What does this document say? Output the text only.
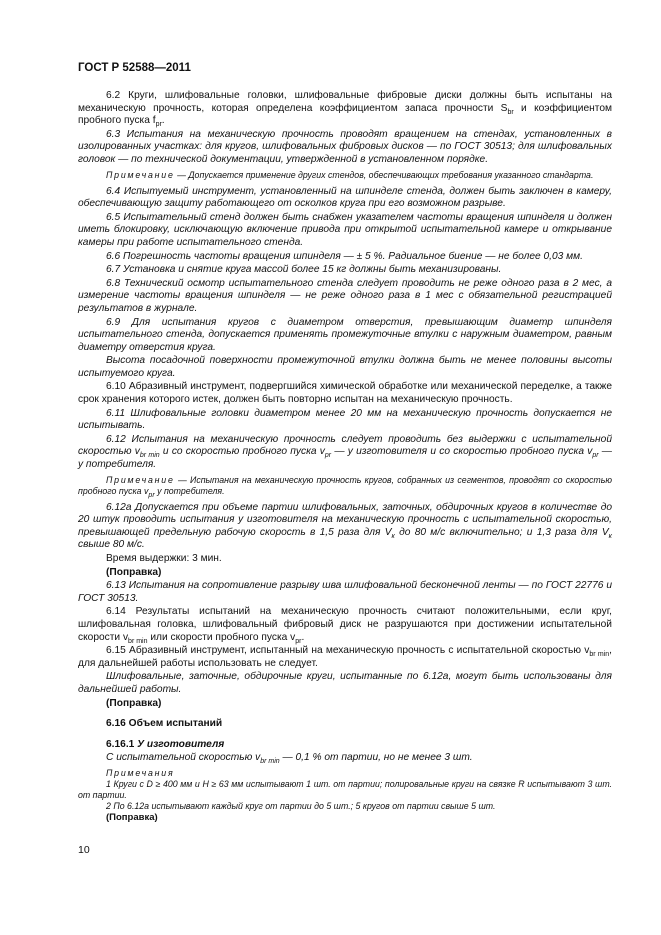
ГОСТ Р 52588—2011

6.2 Круги, шлифовальные головки, шлифовальные фибровые диски должны быть испытаны на механическую прочность, которая определена коэффициентом запаса прочности $S_{br}$ и коэффициентом пробного пуска $f_{pr}$.

6.3 Испытания на механическую прочность проводят вращением на стендах, установленных в изолированных участках: для кругов, шлифовальных фибровых дисков — по ГОСТ 30513; для шлифовальных головок — по технической документации, утвержденной в установленном порядке.

Примечание — Допускается применение других стендов, обеспечивающих требования указанного стандарта.

6.4 Испытуемый инструмент, установленный на шпинделе стенда, должен быть заключен в камеру, обеспечивающую защиту работающего от осколков круга при его возможном разрыве.

6.5 Испытательный стенд должен быть снабжен указателем частоты вращения шпинделя и должен иметь блокировку, исключающую включение привода при открытой испытательной камере и открывание камеры при работе испытательного стенда.

6.6 Погрешность частоты вращения шпинделя — ± 5 %. Радиальное биение — не более 0,03 мм.

6.7 Установка и снятие круга массой более 15 кг должны быть механизированы.

6.8 Технический осмотр испытательного стенда следует проводить не реже одного раза в 2 мес, а измерение частоты вращения шпинделя — не реже одного раза в 1 мес с обязательной регистрацией результатов в журнале.

6.9 Для испытания кругов с диаметром отверстия, превышающим диаметр шпинделя испытательного стенда, допускается применять промежуточные втулки с наружным диаметром, равным диаметру отверстия круга.

Высота посадочной поверхности промежуточной втулки должна быть не менее половины высоты испытуемого круга.

6.10 Абразивный инструмент, подвергшийся химической обработке или механической переделке, а также срок хранения которого истек, должен быть повторно испытан на механическую прочность.

6.11 Шлифовальные головки диаметром менее 20 мм на механическую прочность допускается не испытывать.

6.12 Испытания на механическую прочность следует проводить без выдержки с испытательной скоростью $v_{br min}$ и со скоростью пробного пуска $v_{pr}$ — у изготовителя и со скоростью пробного пуска $v_{pr}$ — у потребителя.

Примечание — Испытания на механическую прочность кругов, собранных из сегментов, проводят со скоростью пробного пуска $v_{pr}$ у потребителя.

6.12а Допускается при объеме партии шлифовальных, заточных, обдирочных кругов в количестве до 20 штук проводить испытания у изготовителя на механическую прочность с испытательной скоростью, превышающей предельную рабочую скорость в 1,5 раза для $V_к$ до 80 м/с включительно; и 1,3 раза для $V_к$ свыше 80 м/с.

Время выдержки: 3 мин.

(Поправка)

6.13 Испытания на сопротивление разрыву шва шлифовальной бесконечной ленты — по ГОСТ 22776 и ГОСТ 30513.

6.14 Результаты испытаний на механическую прочность считают положительными, если круг, шлифовальная головка, шлифовальный фибровый диск не разрушаются при достижении испытательной скорости $v_{br min}$ или скорости пробного пуска $v_{pr}$.

6.15 Абразивный инструмент, испытанный на механическую прочность с испытательной скоростью $v_{br min}$, для дальнейшей работы использовать не следует.

Шлифовальные, заточные, обдирочные круги, испытанные по 6.12а, могут быть использованы для дальнейшей работы.

(Поправка)

6.16 Объем испытаний

6.16.1 У изготовителя

С испытательной скоростью $v_{br min}$ — 0,1 % от партии, но не менее 3 шт.

Примечания

1 Круги с D ≥ 400 мм и H ≥ 63 мм испытывают 1 шт. от партии; полировальные круги на связке R испытывают 3 шт. от партии.

2 По 6.12а испытывают каждый круг от партии до 5 шт.; 5 кругов от партии свыше 5 шт.

(Поправка)

10
